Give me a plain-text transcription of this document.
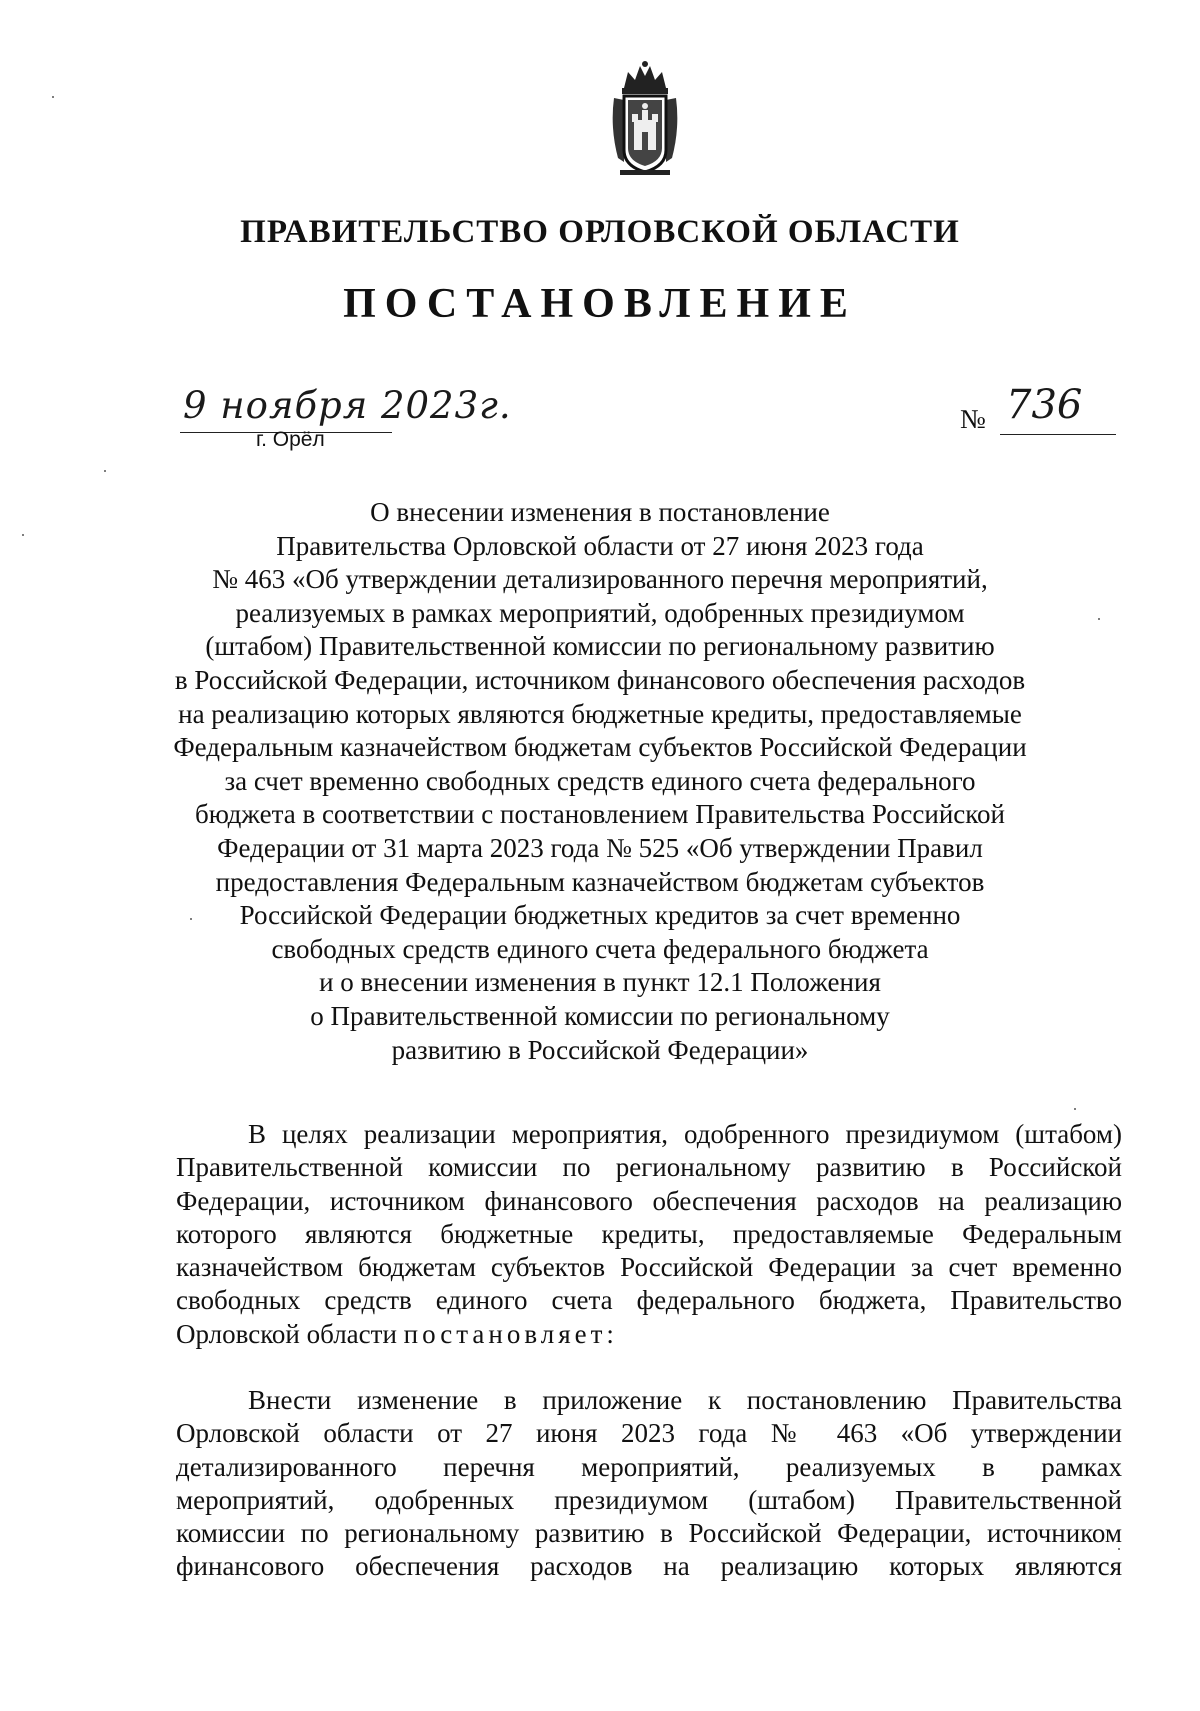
ПРАВИТЕЛЬСТВО ОРЛОВСКОЙ ОБЛАСТИ
ПОСТАНОВЛЕНИЕ
9 ноября 2023г.
г. Орёл
№ 736
О внесении изменения в постановление
Правительства Орловской области от 27 июня 2023 года
№ 463 «Об утверждении детализированного перечня мероприятий,
реализуемых в рамках мероприятий, одобренных президиумом
(штабом) Правительственной комиссии по региональному развитию
в Российской Федерации, источником финансового обеспечения расходов
на реализацию которых являются бюджетные кредиты, предоставляемые
Федеральным казначейством бюджетам субъектов Российской Федерации
за счет временно свободных средств единого счета федерального
бюджета в соответствии с постановлением Правительства Российской
Федерации от 31 марта 2023 года № 525 «Об утверждении Правил
предоставления Федеральным казначейством бюджетам субъектов
Российской Федерации бюджетных кредитов за счет временно
свободных средств единого счета федерального бюджета
и о внесении изменения в пункт 12.1 Положения
о Правительственной комиссии по региональному
развитию в Российской Федерации»
В целях реализации мероприятия, одобренного президиумом (штабом)
Правительственной комиссии по региональному развитию в Российской
Федерации, источником финансового обеспечения расходов на реализацию
которого являются бюджетные кредиты, предоставляемые Федеральным
казначейством бюджетам субъектов Российской Федерации за счет временно
свободных средств единого счета федерального бюджета, Правительство
Орловской области постановляет:
Внести изменение в приложение к постановлению Правительства
Орловской области от 27 июня 2023 года № 463 «Об утверждении
детализированного перечня мероприятий, реализуемых в рамках
мероприятий, одобренных президиумом (штабом) Правительственной
комиссии по региональному развитию в Российской Федерации, источником
финансового обеспечения расходов на реализацию которых являются
